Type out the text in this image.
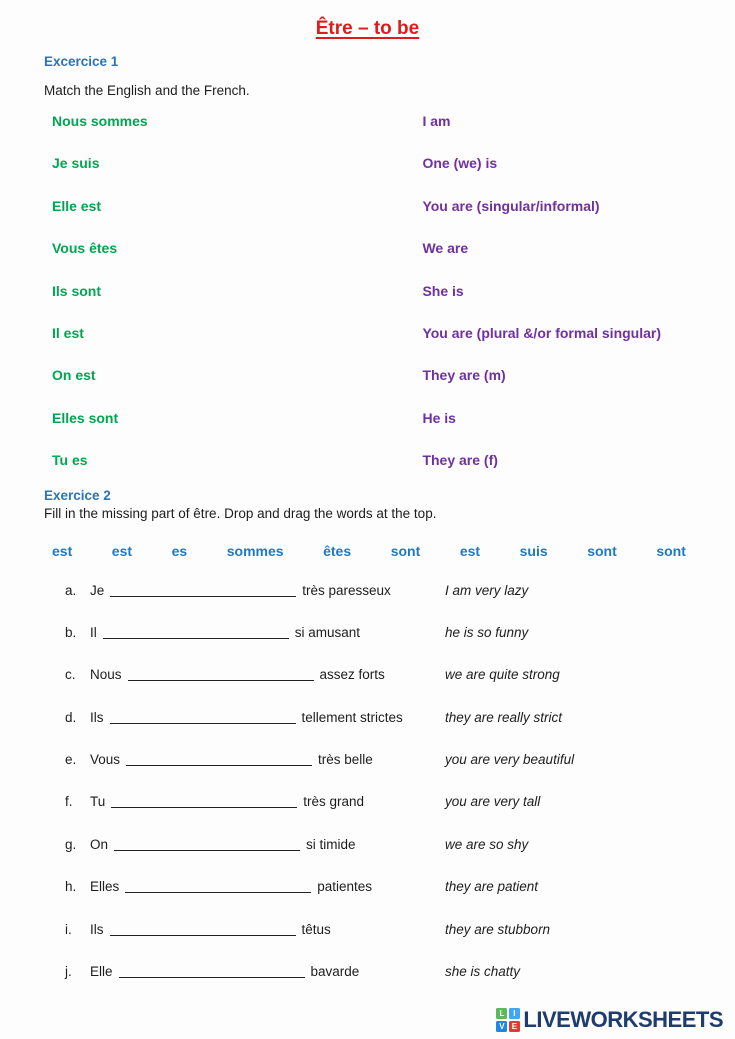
Être – to be
Excercice 1
Match the English and the French.
Nous sommes	I am
Je suis	One (we) is
Elle est	You are (singular/informal)
Vous êtes	We are
Ils sont	She is
Il est	You are (plural &/or formal singular)
On est	They are (m)
Elles sont	He is
Tu es	They are (f)
Exercice 2
Fill in the missing part of être. Drop and drag the words at the top.
est	est	es	sommes	êtes	sont	est	suis	sont	sont
a. Je	très paresseux	I am very lazy
b. Il	si amusant	he is so funny
c. Nous	assez forts	we are quite strong
d. Ils	tellement strictes	they are really strict
e. Vous	très belle	you are very beautiful
f. Tu	très grand	you are very tall
g. On	si timide	we are so shy
h. Elles	patientes	they are patient
i. Ils	têtus	they are stubborn
j. Elle	bavarde	she is chatty
L	I
V E LIVEWORKSHEETS
